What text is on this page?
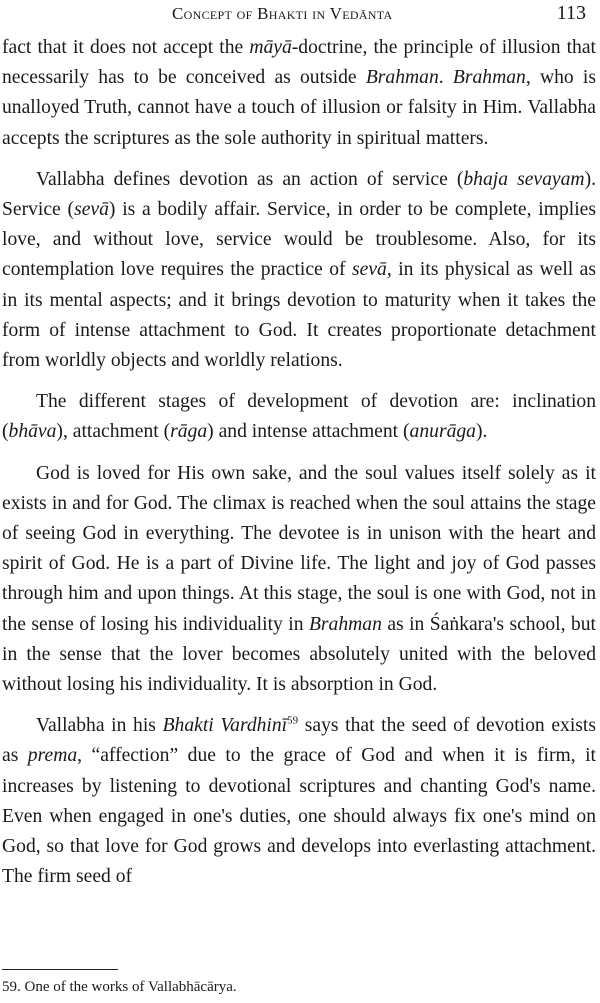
Concept of Bhakti in Vedānta	113

fact that it does not accept the māyā-doctrine, the principle of illusion that necessarily has to be conceived as outside Brahman. Brahman, who is unalloyed Truth, cannot have a touch of illusion or falsity in Him. Vallabha accepts the scriptures as the sole authority in spiritual matters.

Vallabha defines devotion as an action of service (bhaja sevayam). Service (sevā) is a bodily affair. Service, in order to be complete, implies love, and without love, service would be troublesome. Also, for its contemplation love requires the practice of sevā, in its physical as well as in its mental aspects; and it brings devotion to maturity when it takes the form of intense attachment to God. It creates proportionate detachment from worldly objects and worldly relations.

The different stages of development of devotion are: inclination (bhāva), attachment (rāga) and intense attachment (anurāga).

God is loved for His own sake, and the soul values itself solely as it exists in and for God. The climax is reached when the soul attains the stage of seeing God in everything. The devotee is in unison with the heart and spirit of God. He is a part of Divine life. The light and joy of God passes through him and upon things. At this stage, the soul is one with God, not in the sense of losing his individuality in Brahman as in Śaṅkara's school, but in the sense that the lover becomes absolutely united with the beloved without losing his individuality. It is absorption in God.

Vallabha in his Bhakti Vardhinī$^{59}$ says that the seed of devotion exists as prema, “affection” due to the grace of God and when it is firm, it increases by listening to devotional scriptures and chanting God's name. Even when engaged in one's duties, one should always fix one's mind on God, so that love for God grows and develops into everlasting attachment. The firm seed of

59. One of the works of Vallabhācārya.
